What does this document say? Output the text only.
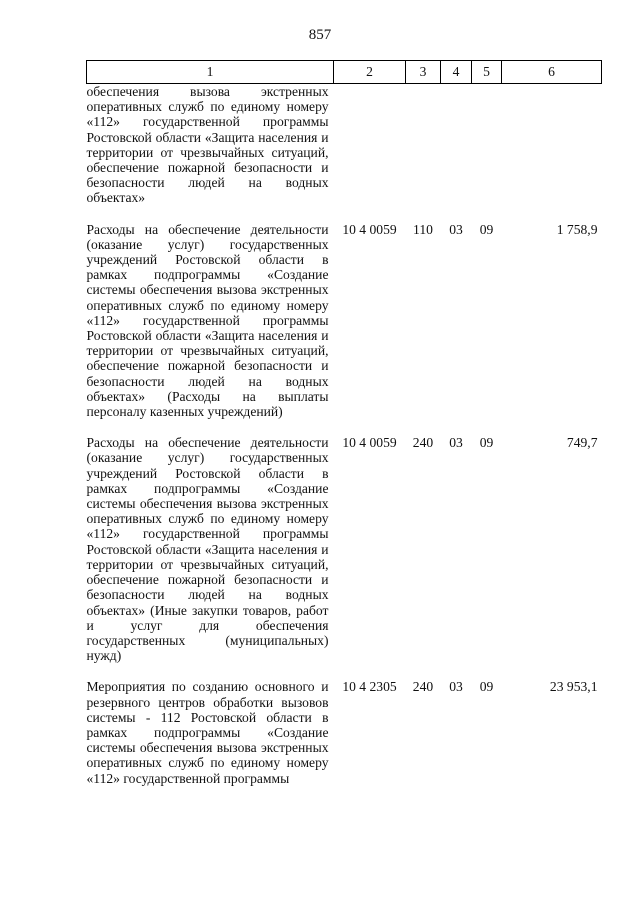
857
1	2	3	4	5	6
обеспечения вызова экстренных оперативных служб по единому номеру «112» государственной программы Ростовской области «Защита населения и территории от чрезвычайных ситуаций, обеспечение пожарной безопасности и безопасности людей на водных объектах»					

Расходы на обеспечение деятельности (оказание услуг) государственных учреждений Ростовской области в рамках подпрограммы «Создание системы обеспечения вызова экстренных оперативных служб по единому номеру «112» государственной программы Ростовской области «Защита населения и территории от чрезвычайных ситуаций, обеспечение пожарной безопасности и безопасности людей на водных объектах» (Расходы на выплаты персоналу казенных учреждений)	10 4 0059	110	03	09	1 758,9

Расходы на обеспечение деятельности (оказание услуг) государственных учреждений Ростовской области в рамках подпрограммы «Создание системы обеспечения вызова экстренных оперативных служб по единому номеру «112» государственной программы Ростовской области «Защита населения и территории от чрезвычайных ситуаций, обеспечение пожарной безопасности и безопасности людей на водных объектах» (Иные закупки товаров, работ и услуг для обеспечения государственных (муниципальных) нужд)	10 4 0059	240	03	09	749,7

Мероприятия по созданию основного и резервного центров обработки вызовов системы - 112 Ростовской области в рамках подпрограммы «Создание системы обеспечения вызова экстренных оперативных служб по единому номеру «112» государственной программы	10 4 2305	240	03	09	23 953,1
